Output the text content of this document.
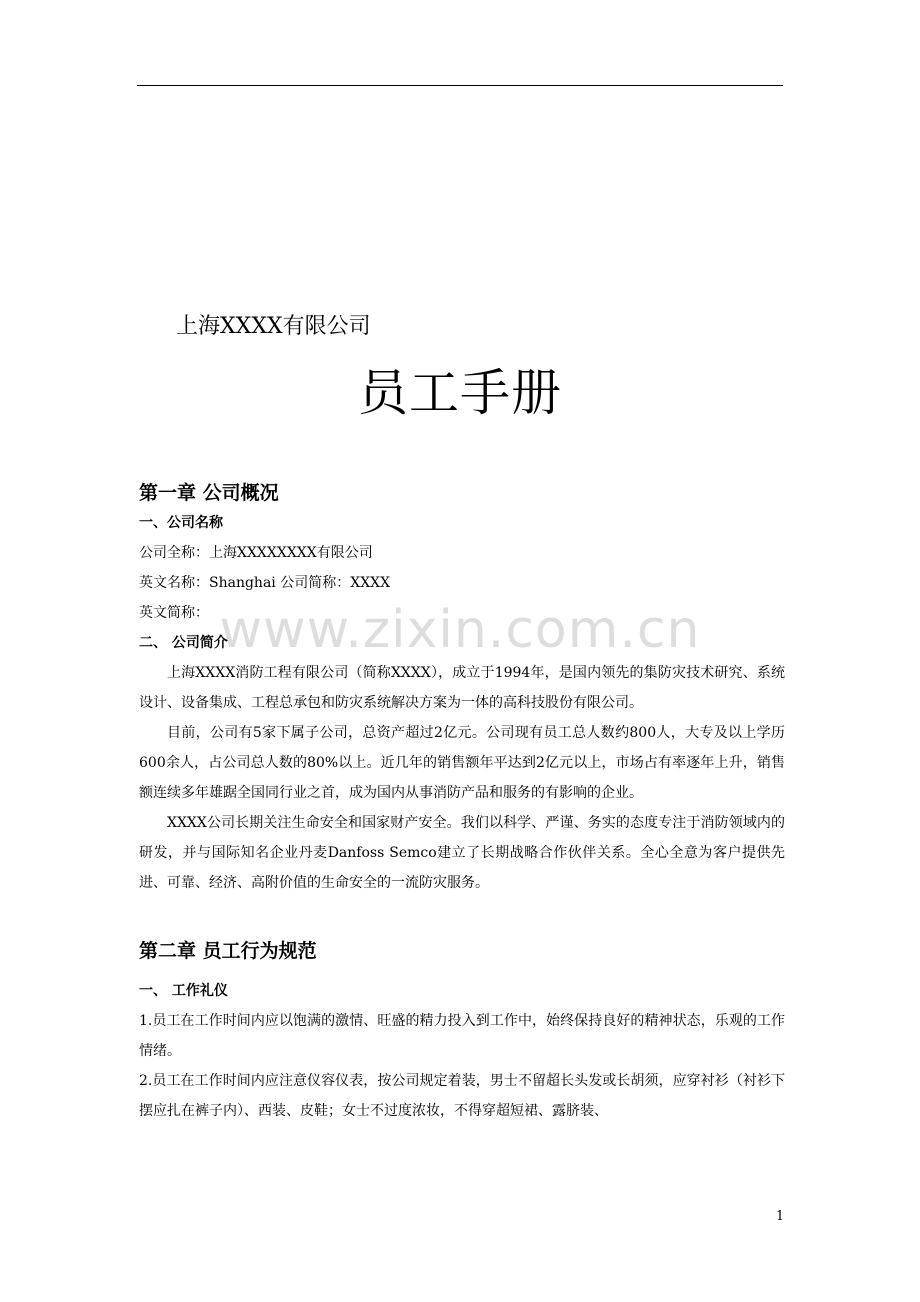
上海XXXX有限公司
员工手册
第一章 公司概况
一、公司名称

公司全称：上海XXXXXXXX有限公司

英文名称：Shanghai 公司简称：XXXX

英文简称：

二、 公司简介

上海XXXX消防工程有限公司（简称XXXX），成立于1994年，是国内领先的集防灾技术研究、系统设计、设备集成、工程总承包和防灾系统解决方案为一体的高科技股份有限公司。

目前，公司有5家下属子公司，总资产超过2亿元。公司现有员工总人数约800人，大专及以上学历600余人，占公司总人数的80%以上。近几年的销售额年平达到2亿元以上，市场占有率逐年上升，销售额连续多年雄踞全国同行业之首，成为国内从事消防产品和服务的有影响的企业。

XXXX公司长期关注生命安全和国家财产安全。我们以科学、严谨、务实的态度专注于消防领域内的研发，并与国际知名企业丹麦Danfoss Semco建立了长期战略合作伙伴关系。全心全意为客户提供先进、可靠、经济、高附价值的生命安全的一流防灾服务。

第二章 员工行为规范
一、 工作礼仪

1.员工在工作时间内应以饱满的激情、旺盛的精力投入到工作中，始终保持良好的精神状态，乐观的工作情绪。

2.员工在工作时间内应注意仪容仪表，按公司规定着装，男士不留超长头发或长胡须，应穿衬衫（衬衫下摆应扎在裤子内）、西装、皮鞋；女士不过度浓妆，不得穿超短裙、露脐装、

www.zixin.com.cn
1
